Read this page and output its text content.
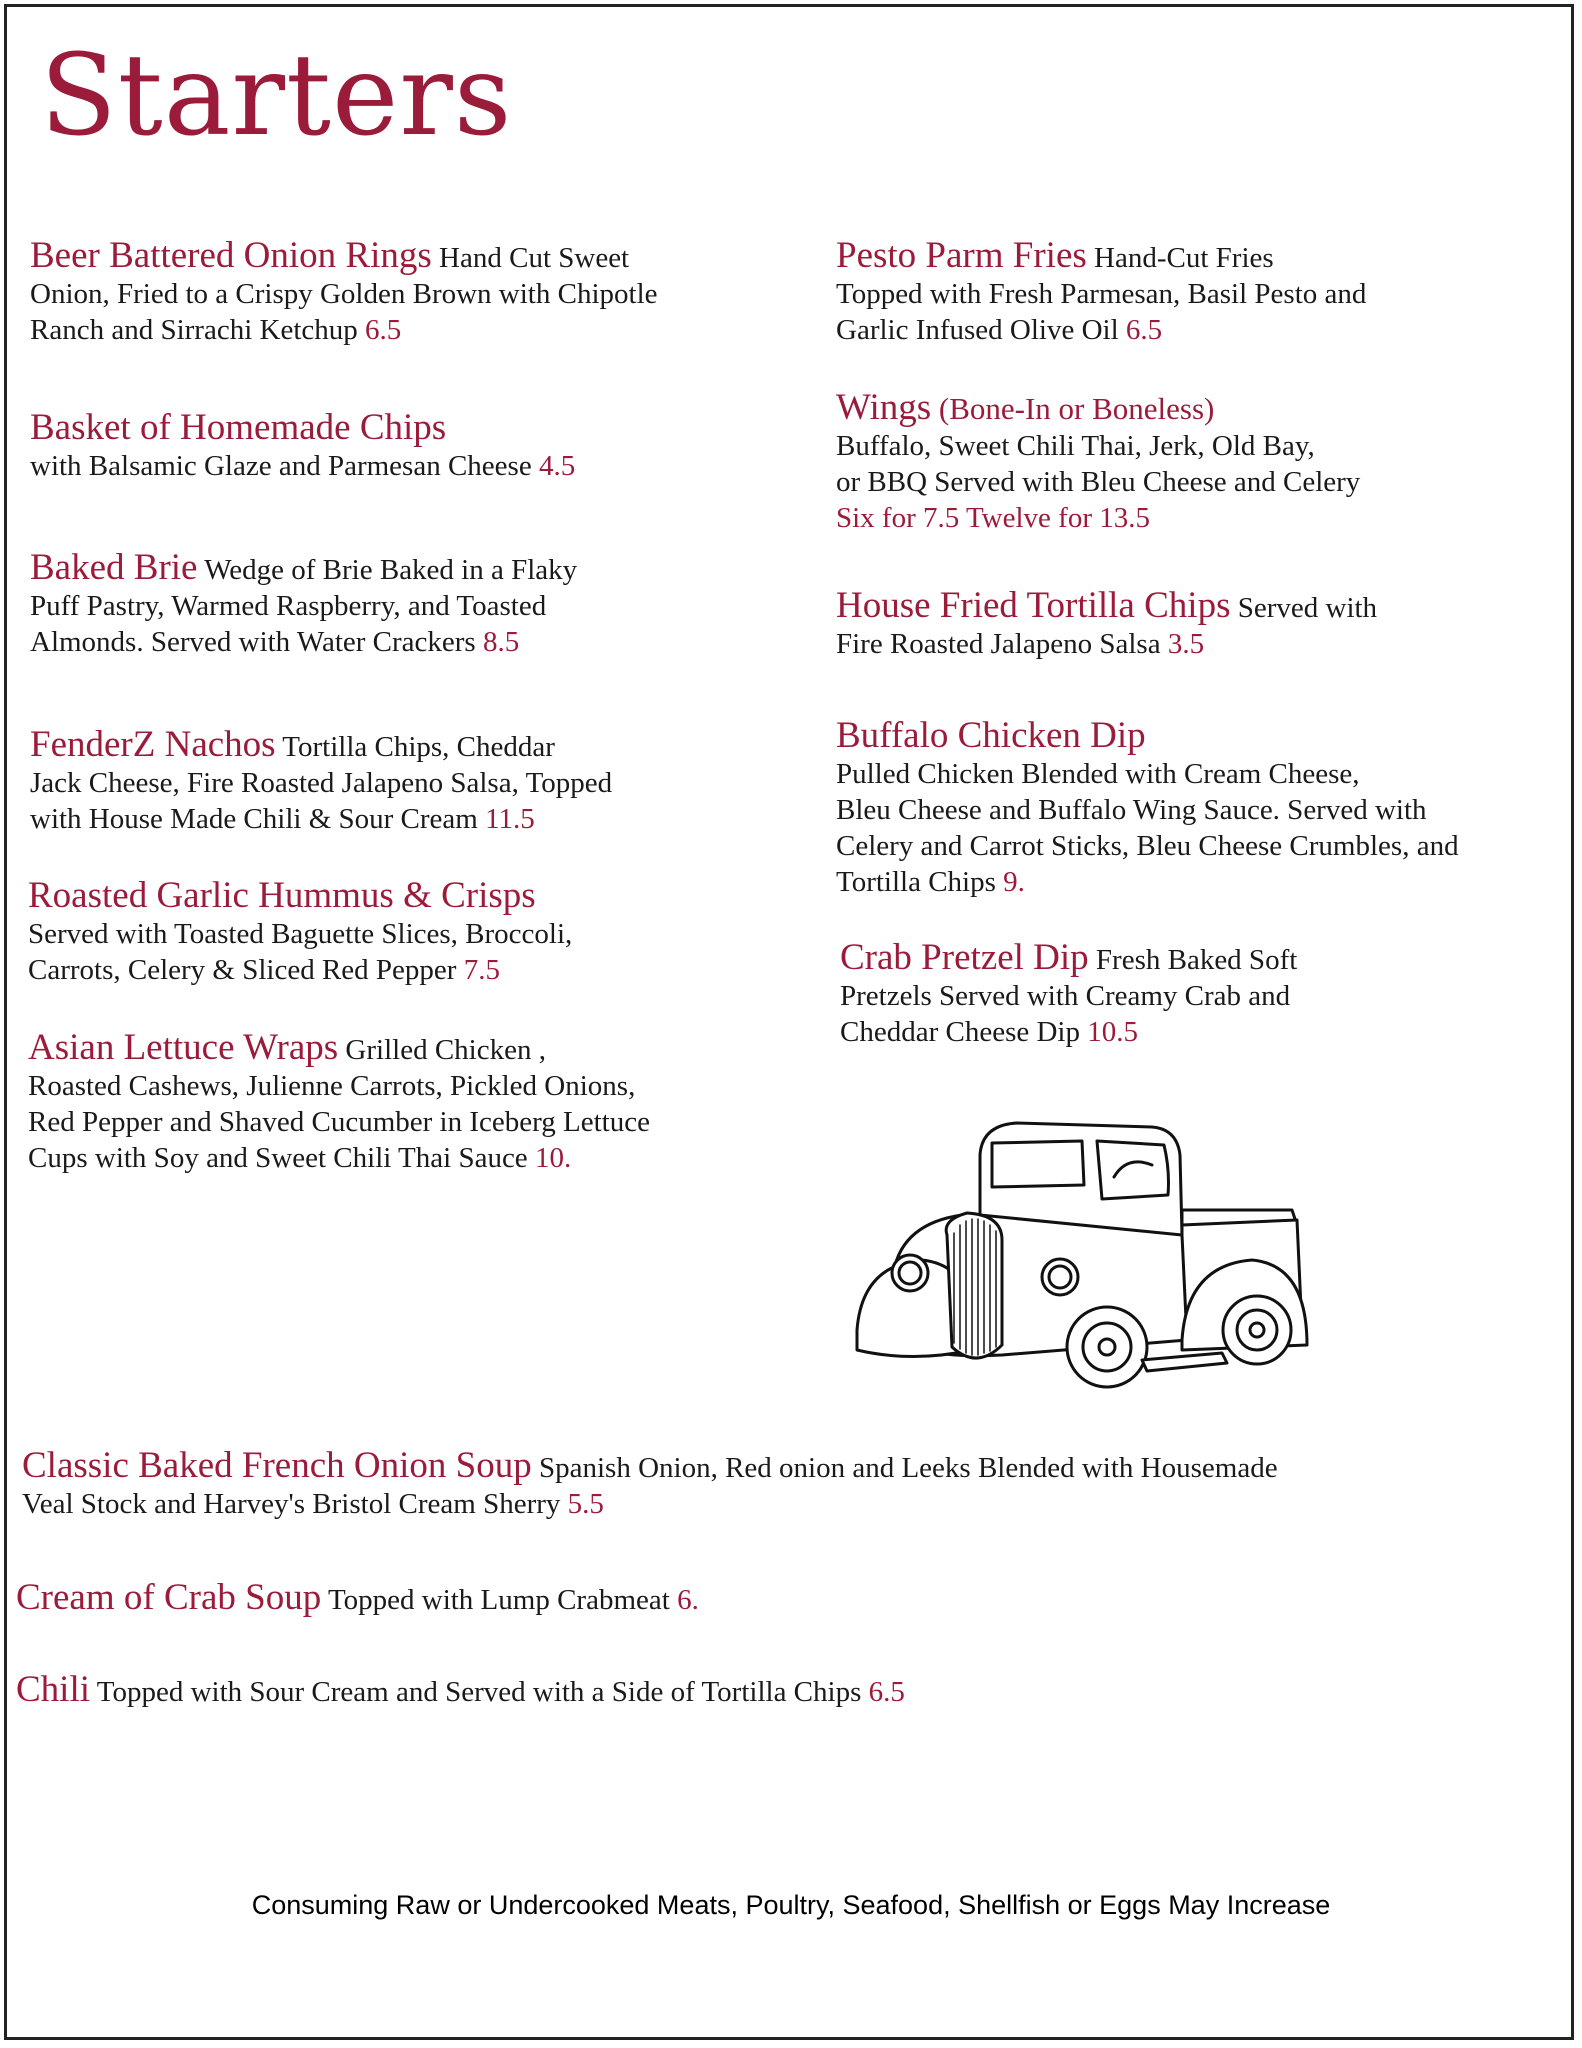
Starters
Beer Battered Onion Rings Hand Cut Sweet
Onion, Fried to a Crispy Golden Brown with Chipotle
Ranch and Sirrachi Ketchup 6.5
Basket of Homemade Chips
with Balsamic Glaze and Parmesan Cheese 4.5
Baked Brie Wedge of Brie Baked in a Flaky
Puff Pastry, Warmed Raspberry, and Toasted
Almonds. Served with Water Crackers 8.5
FenderZ Nachos Tortilla Chips, Cheddar
Jack Cheese, Fire Roasted Jalapeno Salsa, Topped
with House Made Chili & Sour Cream 11.5
Roasted Garlic Hummus & Crisps
Served with Toasted Baguette Slices, Broccoli,
Carrots, Celery & Sliced Red Pepper 7.5
Asian Lettuce Wraps Grilled Chicken ,
Roasted Cashews, Julienne Carrots, Pickled Onions,
Red Pepper and Shaved Cucumber in Iceberg Lettuce
Cups with Soy and Sweet Chili Thai Sauce 10.
Pesto Parm Fries Hand-Cut Fries
Topped with Fresh Parmesan, Basil Pesto and
Garlic Infused Olive Oil 6.5
Wings (Bone-In or Boneless)
Buffalo, Sweet Chili Thai, Jerk, Old Bay,
or BBQ Served with Bleu Cheese and Celery
Six for 7.5 Twelve for 13.5
House Fried Tortilla Chips Served with
Fire Roasted Jalapeno Salsa 3.5
Buffalo Chicken Dip
Pulled Chicken Blended with Cream Cheese,
Bleu Cheese and Buffalo Wing Sauce. Served with
Celery and Carrot Sticks, Bleu Cheese Crumbles, and
Tortilla Chips 9.
Crab Pretzel Dip Fresh Baked Soft
Pretzels Served with Creamy Crab and
Cheddar Cheese Dip 10.5
Classic Baked French Onion Soup Spanish Onion, Red onion and Leeks Blended with Housemade
Veal Stock and Harvey's Bristol Cream Sherry 5.5
Cream of Crab Soup Topped with Lump Crabmeat 6.
Chili Topped with Sour Cream and Served with a Side of Tortilla Chips 6.5
Consuming Raw or Undercooked Meats, Poultry, Seafood, Shellfish or Eggs May Increase
